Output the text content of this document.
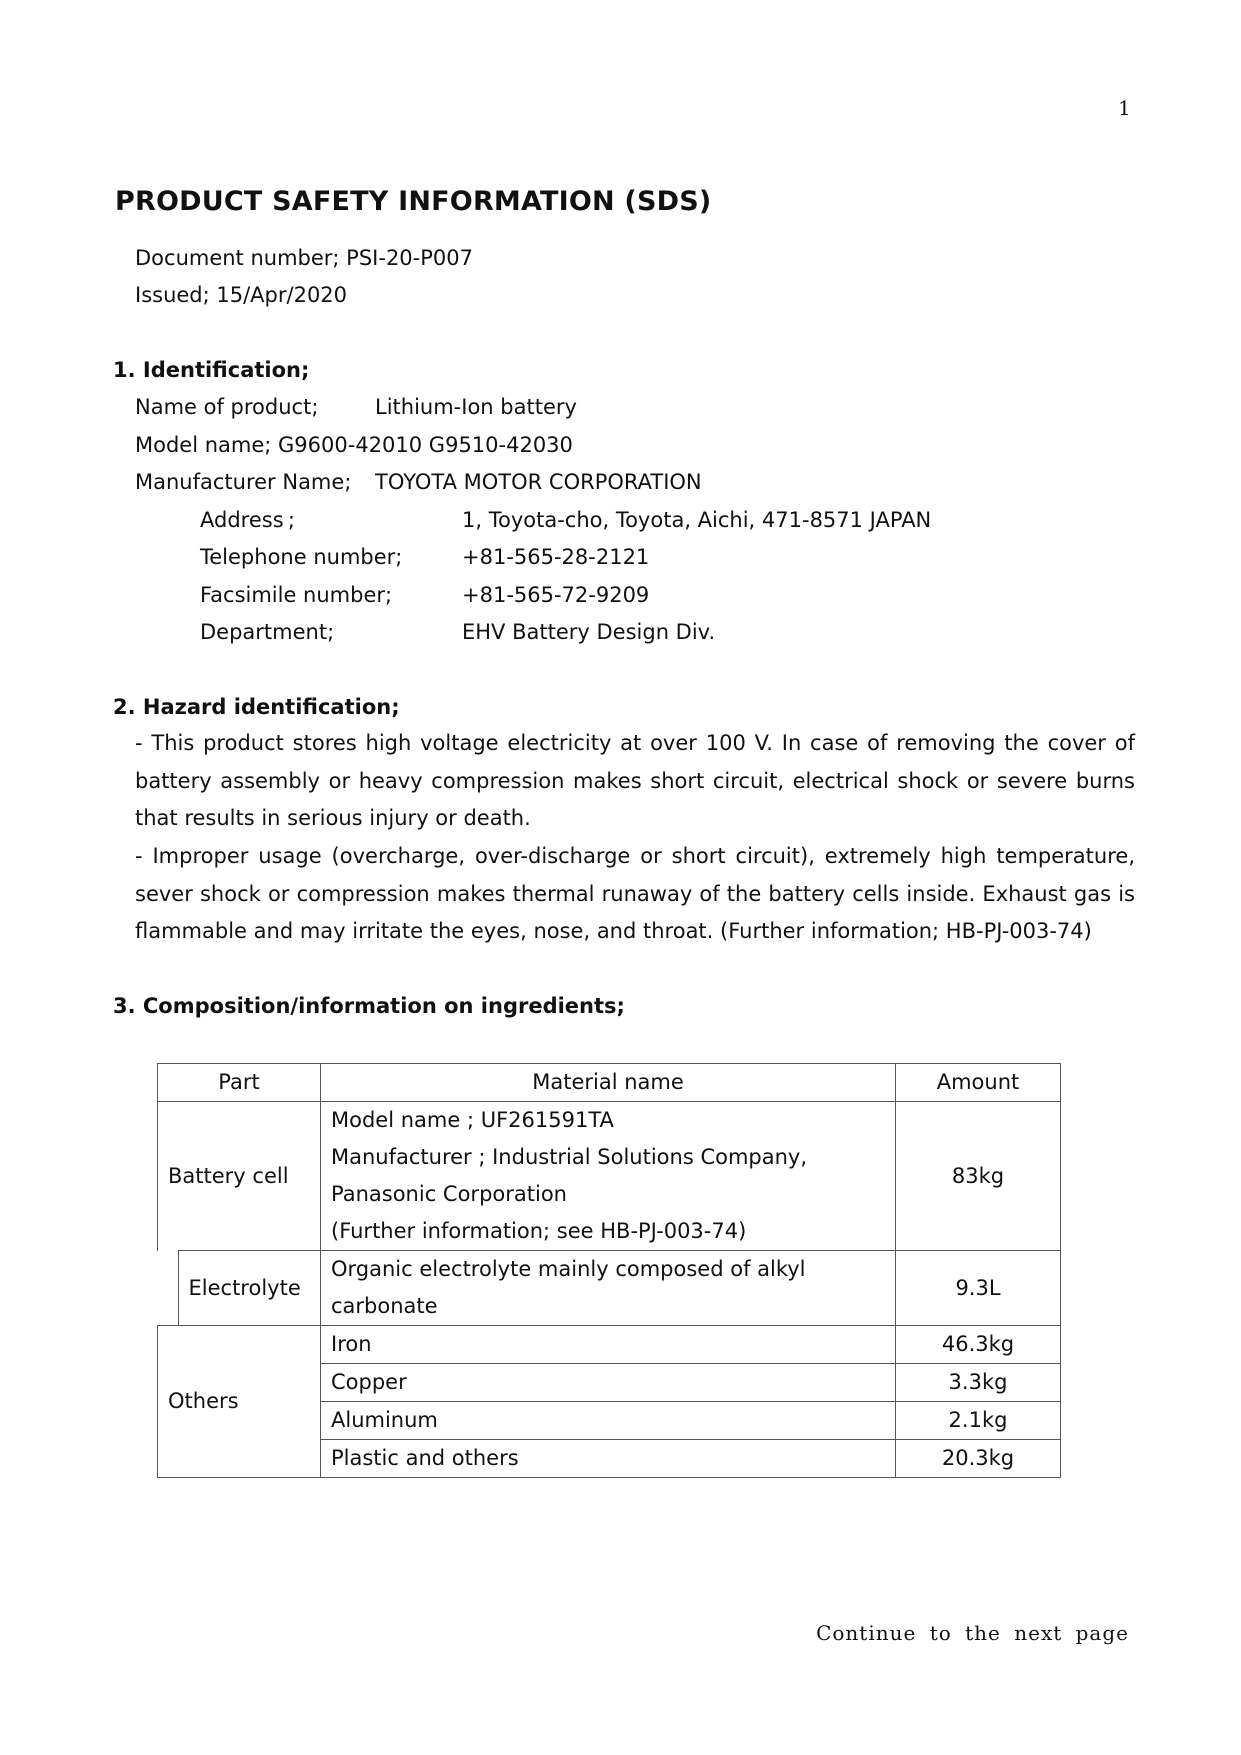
1
PRODUCT SAFETY INFORMATION (SDS)
Document number; PSI-20-P007
Issued; 15/Apr/2020
1. Identification;
Name of product;	Lithium-Ion battery
Model name; G9600-42010 G9510-42030
Manufacturer Name; TOYOTA MOTOR CORPORATION
Address ;	1, Toyota-cho, Toyota, Aichi, 471-8571 JAPAN
Telephone number;	+81-565-28-2121
Facsimile number;	+81-565-72-9209
Department;	EHV Battery Design Div.
2. Hazard identification;
- This product stores high voltage electricity at over 100 V. In case of removing the cover of battery assembly or heavy compression makes short circuit, electrical shock or severe burns that results in serious injury or death.
- Improper usage (overcharge, over-discharge or short circuit), extremely high temperature, sever shock or compression makes thermal runaway of the battery cells inside. Exhaust gas is flammable and may irritate the eyes, nose, and throat. (Further information; HB-PJ-003-74)
3. Composition/information on ingredients;
Part		Material name	Amount
Battery cell		Model name ; UF261591TA
Manufacturer ; Industrial Solutions Company,
Panasonic Corporation
(Further information; see HB-PJ-003-74)	83kg
	Electrolyte	Organic electrolyte mainly composed of alkyl
carbonate	9.3L
Others		Iron	46.3kg
		Copper	3.3kg
		Aluminum	2.1kg
		Plastic and others	20.3kg
Continue to the next page
